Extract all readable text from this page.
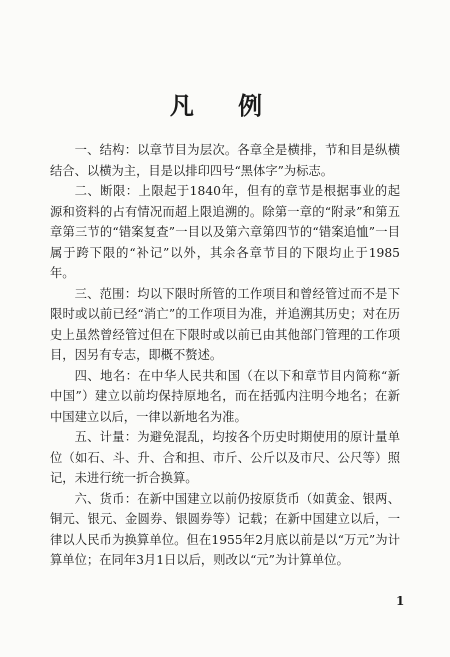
凡 例

一、结构：以章节目为层次。各章全是横排，节和目是纵横结合、以横为主，目是以排印四号“黑体字”为标志。

二、断限：上限起于1840年，但有的章节是根据事业的起源和资料的占有情况而超上限追溯的。除第一章的“附录”和第五章第三节的“错案复查”一目以及第六章第四节的“错案追恤”一目属于跨下限的“补记”以外，其余各章节目的下限均止于1985年。

三、范围：均以下限时所管的工作项目和曾经管过而不是下限时或以前已经“消亡”的工作项目为准，并追溯其历史；对在历史上虽然曾经管过但在下限时或以前已由其他部门管理的工作项目，因另有专志，即概不赘述。

四、地名：在中华人民共和国（在以下和章节目内简称“新中国”）建立以前均保持原地名，而在括弧内注明今地名；在新中国建立以后，一律以新地名为准。

五、计量：为避免混乱，均按各个历史时期使用的原计量单位（如石、斗、升、合和担、市斤、公斤以及市尺、公尺等）照记，未进行统一折合换算。

六、货币：在新中国建立以前仍按原货币（如黄金、银两、铜元、银元、金圆券、银圆券等）记载；在新中国建立以后，一律以人民币为换算单位。但在1955年2月底以前是以“万元”为计算单位；在同年3月1日以后，则改以“元”为计算单位。

1
